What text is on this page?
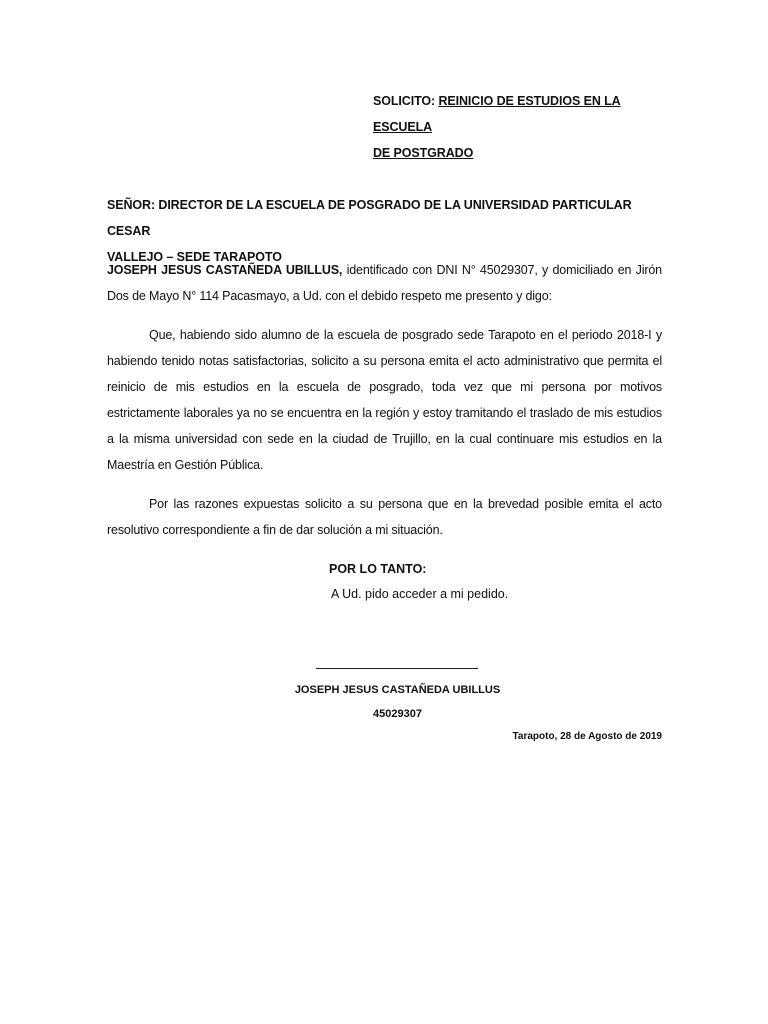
SOLICITO: REINICIO DE ESTUDIOS EN LA ESCUELA
DE POSTGRADO
SEÑOR: DIRECTOR DE LA ESCUELA DE POSGRADO DE LA UNIVERSIDAD PARTICULAR CESAR
VALLEJO – SEDE TARAPOTO
JOSEPH JESUS CASTAÑEDA UBILLUS, identificado con DNI N° 45029307, y domiciliado en Jirón Dos de Mayo N° 114 Pacasmayo, a Ud. con el debido respeto me presento y digo:
Que, habiendo sido alumno de la escuela de posgrado sede Tarapoto en el periodo 2018-I y habiendo tenido notas satisfactorias, solicito a su persona emita el acto administrativo que permita el reinicio de mis estudios en la escuela de posgrado, toda vez que mi persona por motivos estrictamente laborales ya no se encuentra en la región y estoy tramitando el traslado de mis estudios a la misma universidad con sede en la ciudad de Trujillo, en la cual continuare mis estudios en la Maestría en Gestión Pública.
Por las razones expuestas solicito a su persona que en la brevedad posible emita el acto resolutivo correspondiente a fin de dar solución a mi situación.
POR LO TANTO:
A Ud. pido acceder a mi pedido.
JOSEPH JESUS CASTAÑEDA UBILLUS
45029307
Tarapoto, 28 de Agosto de 2019
